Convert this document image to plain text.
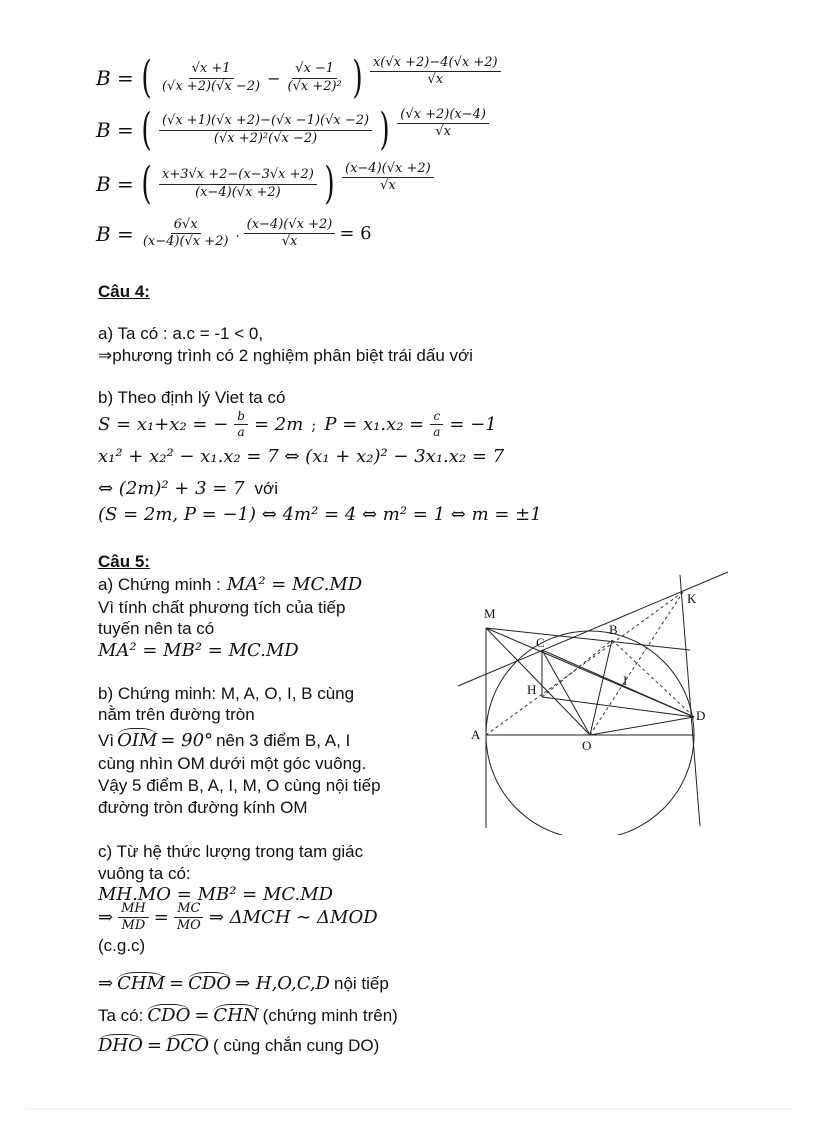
B = ( $\frac{√x +1}{(√x +2)(√x -2)} - \frac{√x -1}{\text{(√x +2)²}}$ ) $\frac{x(√x +2)-4(√x +2)}{√x}$
B = ( $\frac{(√x +1)(√x +2)-(√x -1)(√x -2)}{\text{(√x +2)²(√x −2)}}$ ) $\frac{(√x +2)(x-4)}{√x}$
B = ( $\frac{x+3√x +2-(x-3√x +2)}{(x-4)(√x +2)}$ ) $\frac{(x-4)(√x +2)}{√x}$
$B = \frac{6√x}{(x-4)(√x +2)}$ . $\frac{(x-4)(√x +2)}{√x} = 6$
Câu 4:
a) Ta có : a.c = -1 < 0,
⇒phương trình có 2 nghiệm phân biệt trái dấu với
b) Theo định lý Viet ta có
S = x₁+x₂ = − $\frac{b}{a} = 2m$ ; $P = x_1.x_2 = \frac{c}{a} = -1$
x₁² + x₂² − x₁.x₂ = 7 ⇔ (x₁ + x₂)² − 3x₁.x₂ = 7
⇔ (2m)² + 3 = 7 với
(S = 2m, P = −1) ⇔ 4m² = 4 ⇔ m² = 1 ⇔ m = ±1
Câu 5:
a) Chứng minh : MA² = MC.MD
Vì tính chất phương tích của tiếp
tuyến nên ta có
MA² = MB² = MC.MD
b) Chứng minh: M, A, O, I, B cùng
nằm trên đường tròn
Vì OIM = 90° nên 3 điểm B, A, I
cùng nhìn OM dưới một góc vuông.
Vậy 5 điểm B, A, I, M, O cùng nội tiếp
đường tròn đường kính OM
c) Từ hệ thức lượng trong tam giác
vuông ta có:
MH.MO = MB² = MC.MD
⇒ $\frac{MH}{MD} = \frac{MC}{MO}$ ⇒ ΔMCH ∼ ΔMOD
(c.g.c)
⇒ CHM = CDO ⇒ H,O,C,D nội tiếp
Ta có: CDO = CHN (chứng minh trên)
DHO = DCO ( cùng chắn cung DO)
M
K
C
B
H
I
A
O
D
